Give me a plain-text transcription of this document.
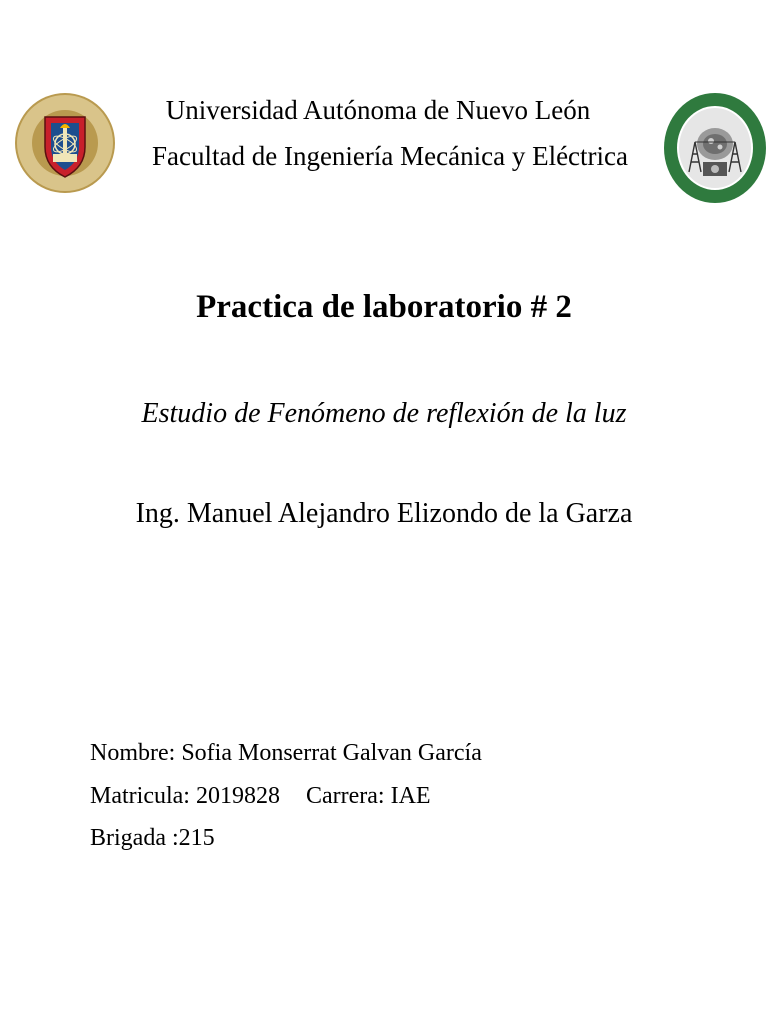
Universidad Autónoma de Nuevo León
Facultad de Ingeniería Mecánica y Eléctrica
Practica de laboratorio # 2
Estudio de Fenómeno de reflexión de la luz
Ing. Manuel Alejandro Elizondo de la Garza
Nombre: Sofia Monserrat Galvan García
Matricula: 2019828 Carrera: IAE
Brigada :215
